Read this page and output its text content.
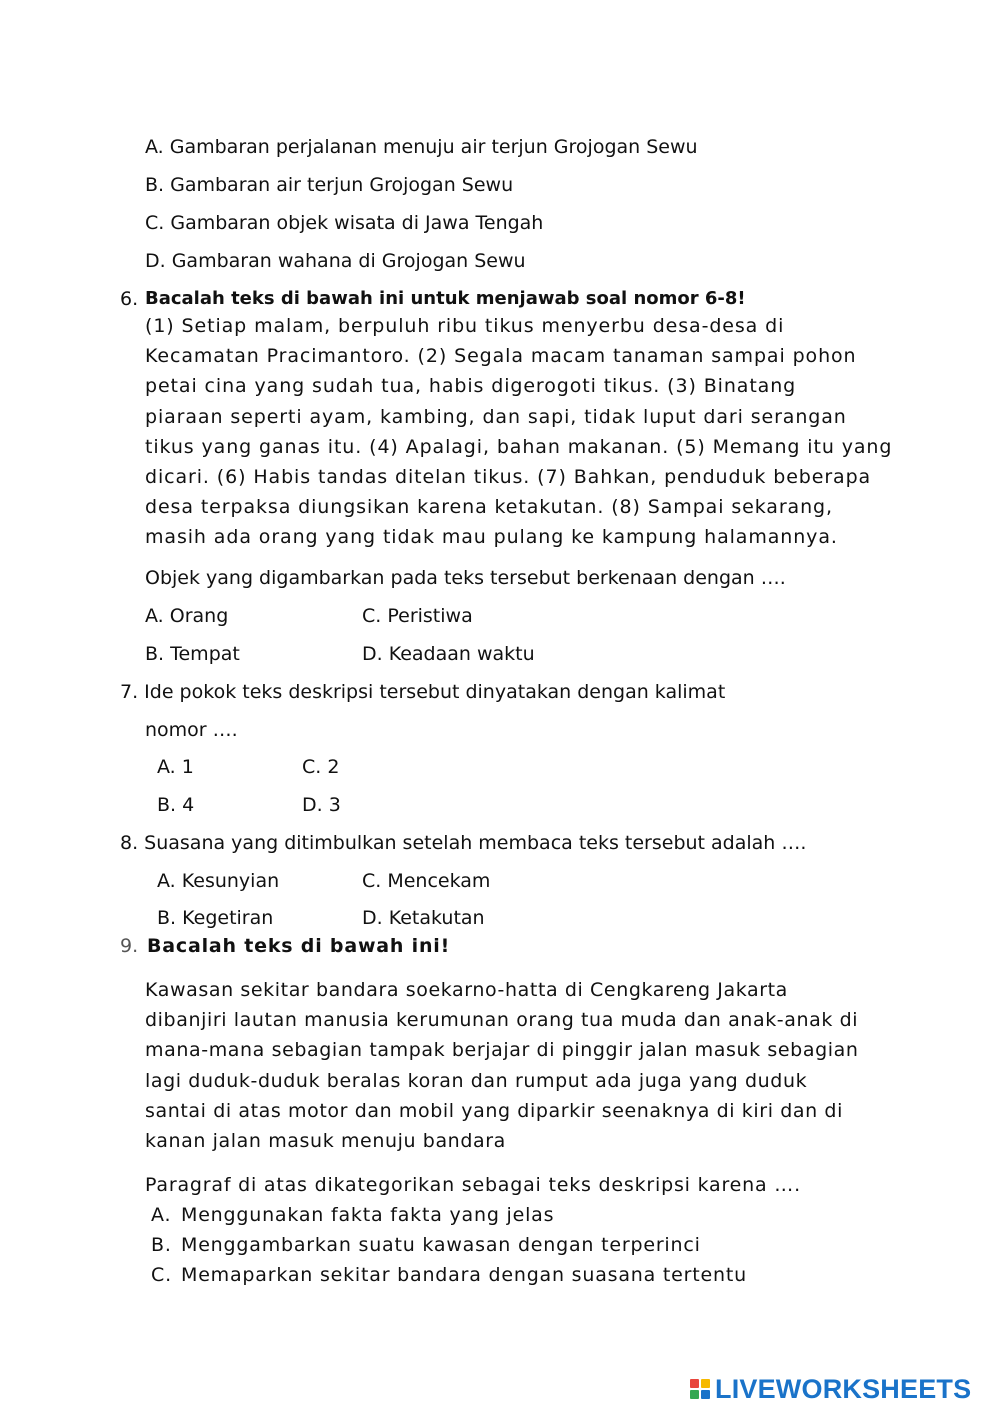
A. Gambaran perjalanan menuju air terjun Grojogan Sewu
B. Gambaran air terjun Grojogan Sewu
C. Gambaran objek wisata di Jawa Tengah
D. Gambaran wahana di Grojogan Sewu
6. Bacalah teks di bawah ini untuk menjawab soal nomor 6-8!
(1) Setiap malam, berpuluh ribu tikus menyerbu desa-desa di
Kecamatan Pracimantoro. (2) Segala macam tanaman sampai pohon
petai cina yang sudah tua, habis digerogoti tikus. (3) Binatang
piaraan seperti ayam, kambing, dan sapi, tidak luput dari serangan
tikus yang ganas itu. (4) Apalagi, bahan makanan. (5) Memang itu yang
dicari. (6) Habis tandas ditelan tikus. (7) Bahkan, penduduk beberapa
desa terpaksa diungsikan karena ketakutan. (8) Sampai sekarang,
masih ada orang yang tidak mau pulang ke kampung halamannya.
Objek yang digambarkan pada teks tersebut berkenaan dengan ….
A. Orang	C. Peristiwa
B. Tempat	D. Keadaan waktu
7. Ide pokok teks deskripsi tersebut dinyatakan dengan kalimat
nomor ….
A. 1	C. 2
B. 4	D. 3
8. Suasana yang ditimbulkan setelah membaca teks tersebut adalah ….
A. Kesunyian	C. Mencekam
B. Kegetiran	D. Ketakutan
9. Bacalah teks di bawah ini!
Kawasan sekitar bandara soekarno-hatta di Cengkareng Jakarta
dibanjiri lautan manusia kerumunan orang tua muda dan anak-anak di
mana-mana sebagian tampak berjajar di pinggir jalan masuk sebagian
lagi duduk-duduk beralas koran dan rumput ada juga yang duduk
santai di atas motor dan mobil yang diparkir seenaknya di kiri dan di
kanan jalan masuk menuju bandara
Paragraf di atas dikategorikan sebagai teks deskripsi karena ….
A. Menggunakan fakta fakta yang jelas
B. Menggambarkan suatu kawasan dengan terperinci
C. Memaparkan sekitar bandara dengan suasana tertentu
LIVEWORKSHEETS
